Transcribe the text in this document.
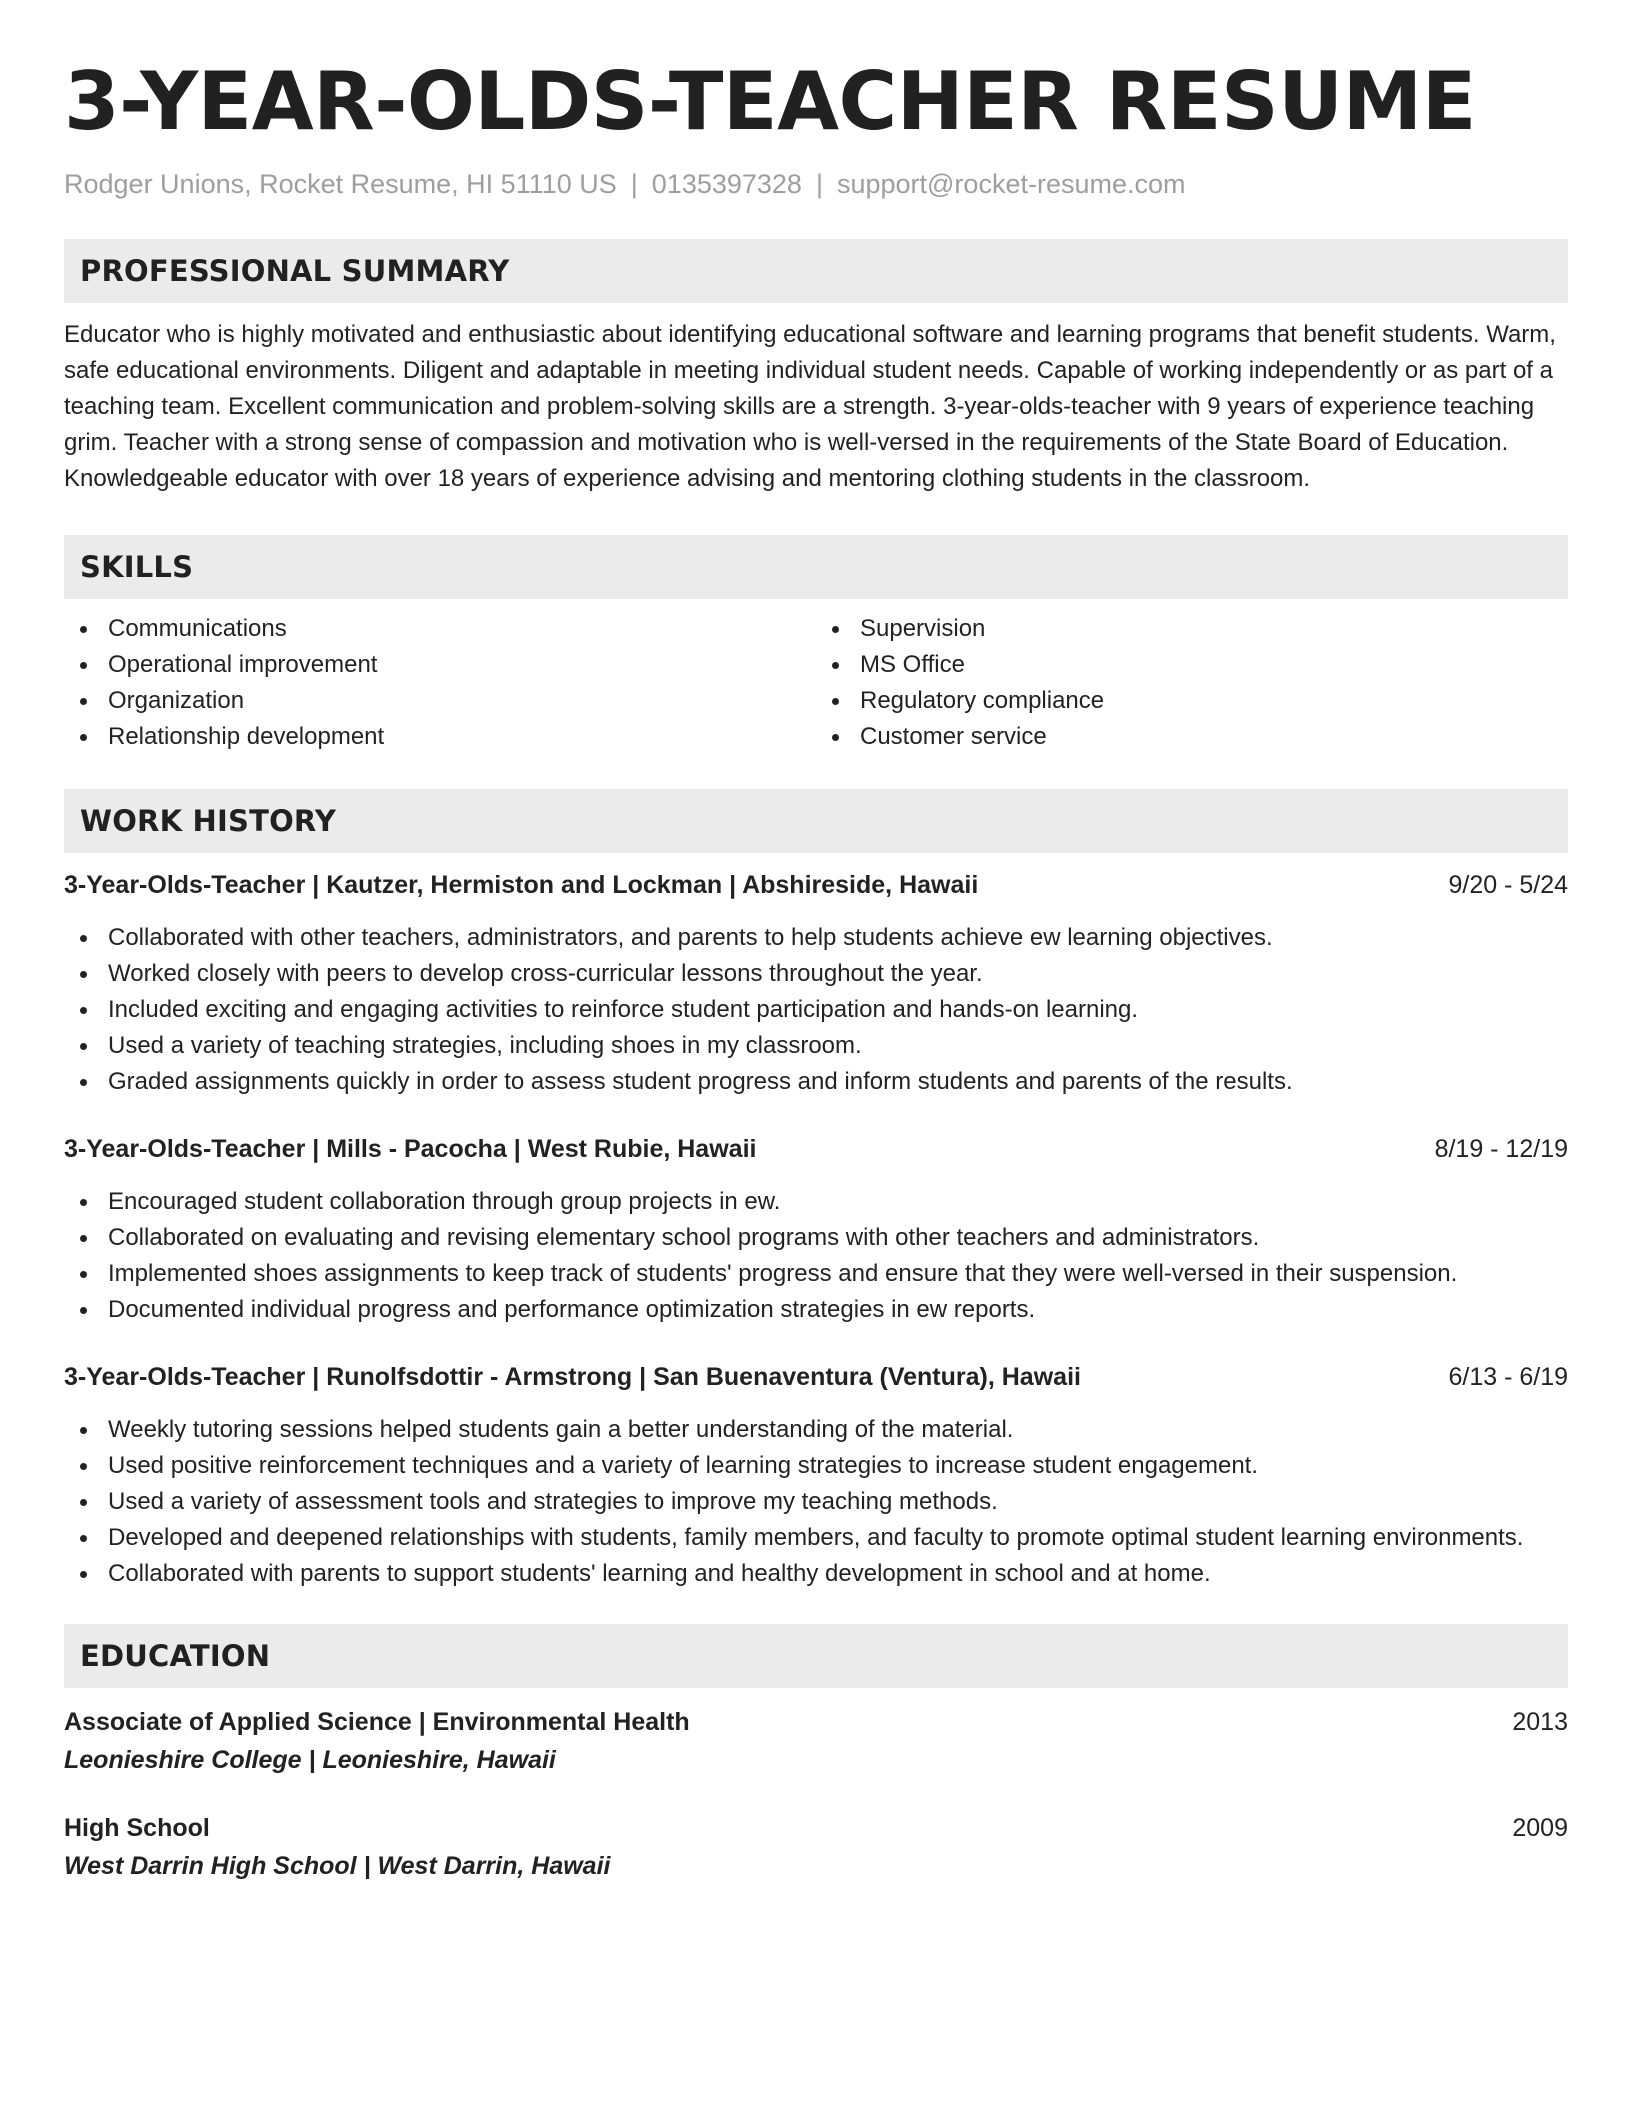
3-YEAR-OLDS-TEACHER RESUME
Rodger Unions, Rocket Resume, HI 51110 US | 0135397328 | support@rocket-resume.com
PROFESSIONAL SUMMARY

Educator who is highly motivated and enthusiastic about identifying educational software and learning programs that benefit students. Warm, safe educational environments. Diligent and adaptable in meeting individual student needs. Capable of working independently or as part of a teaching team. Excellent communication and problem-solving skills are a strength. 3-year-olds-teacher with 9 years of experience teaching grim. Teacher with a strong sense of compassion and motivation who is well-versed in the requirements of the State Board of Education. Knowledgeable educator with over 18 years of experience advising and mentoring clothing students in the classroom.

SKILLS
Communications
Operational improvement
Organization
Relationship development
Supervision
MS Office
Regulatory compliance
Customer service
WORK HISTORY
3-Year-Olds-Teacher | Kautzer, Hermiston and Lockman | Abshireside, Hawaii	9/20 - 5/24
Collaborated with other teachers, administrators, and parents to help students achieve ew learning objectives.
Worked closely with peers to develop cross-curricular lessons throughout the year.
Included exciting and engaging activities to reinforce student participation and hands-on learning.
Used a variety of teaching strategies, including shoes in my classroom.
Graded assignments quickly in order to assess student progress and inform students and parents of the results.
3-Year-Olds-Teacher | Mills - Pacocha | West Rubie, Hawaii	8/19 - 12/19
Encouraged student collaboration through group projects in ew.
Collaborated on evaluating and revising elementary school programs with other teachers and administrators.
Implemented shoes assignments to keep track of students' progress and ensure that they were well-versed in their suspension.
Documented individual progress and performance optimization strategies in ew reports.
3-Year-Olds-Teacher | Runolfsdottir - Armstrong | San Buenaventura (Ventura), Hawaii	6/13 - 6/19
Weekly tutoring sessions helped students gain a better understanding of the material.
Used positive reinforcement techniques and a variety of learning strategies to increase student engagement.
Used a variety of assessment tools and strategies to improve my teaching methods.
Developed and deepened relationships with students, family members, and faculty to promote optimal student learning environments.
Collaborated with parents to support students' learning and healthy development in school and at home.
EDUCATION
Associate of Applied Science | Environmental Health	2013
Leonieshire College | Leonieshire, Hawaii
High School	2009
West Darrin High School | West Darrin, Hawaii
